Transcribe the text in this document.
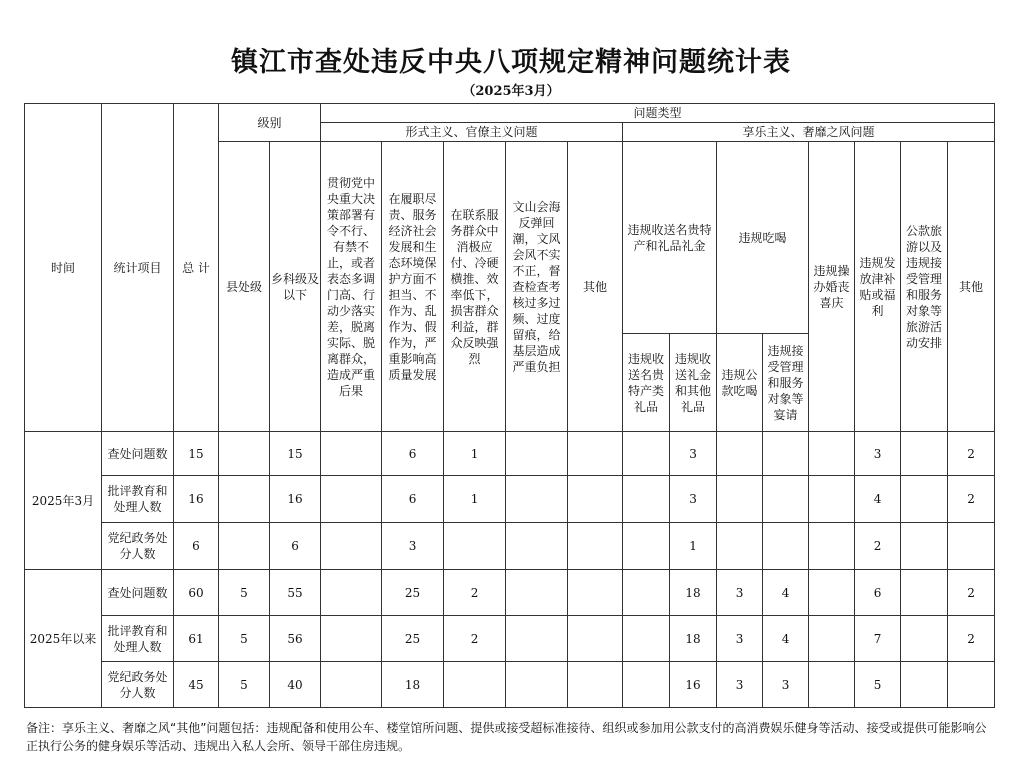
镇江市查处违反中央八项规定精神问题统计表
（2025年3月）
时间	统计项目	总 计	级别		问题类型												
					形式主义、官僚主义问题					享乐主义、奢靡之风问题							
			县处级	乡科级及以下	贯彻党中央重大决策部署有令不行、有禁不止，或者表态多调门高、行动少落实差，脱离实际、脱离群众，造成严重后果	在履职尽责、服务经济社会发展和生态环境保护方面不担当、不作为、乱作为、假作为，严重影响高质量发展	在联系服务群众中消极应付、冷硬横推、效率低下，损害群众利益，群众反映强烈	文山会海反弹回潮，文风会风不实不正，督查检查考核过多过频、过度留痕，给基层造成严重负担	其他	违规收送名贵特产和礼品礼金		违规吃喝		违规操办婚丧喜庆	违规发放津补贴或福利	公款旅游以及违规接受管理和服务对象等旅游活动安排	其他
										违规收送名贵特产类礼品	违规收送礼金和其他礼品	违规公款吃喝	违规接受管理和服务对象等宴请				
2025年3月	查处问题数	15		15		6	1				3				3		2
	批评教育和处理人数	16		16		6	1				3				4		2
	党纪政务处分人数	6		6		3					1				2		
2025年以来	查处问题数	60	5	55		25	2				18	3	4		6		2
	批评教育和处理人数	61	5	56		25	2				18	3	4		7		2
	党纪政务处分人数	45	5	40		18					16	3	3		5		
备注：享乐主义、奢靡之风“其他”问题包括：违规配备和使用公车、楼堂馆所问题、提供或接受超标准接待、组织或参加用公款支付的高消费娱乐健身等活动、接受或提供可能影响公正执行公务的健身娱乐等活动、违规出入私人会所、领导干部住房违规。
